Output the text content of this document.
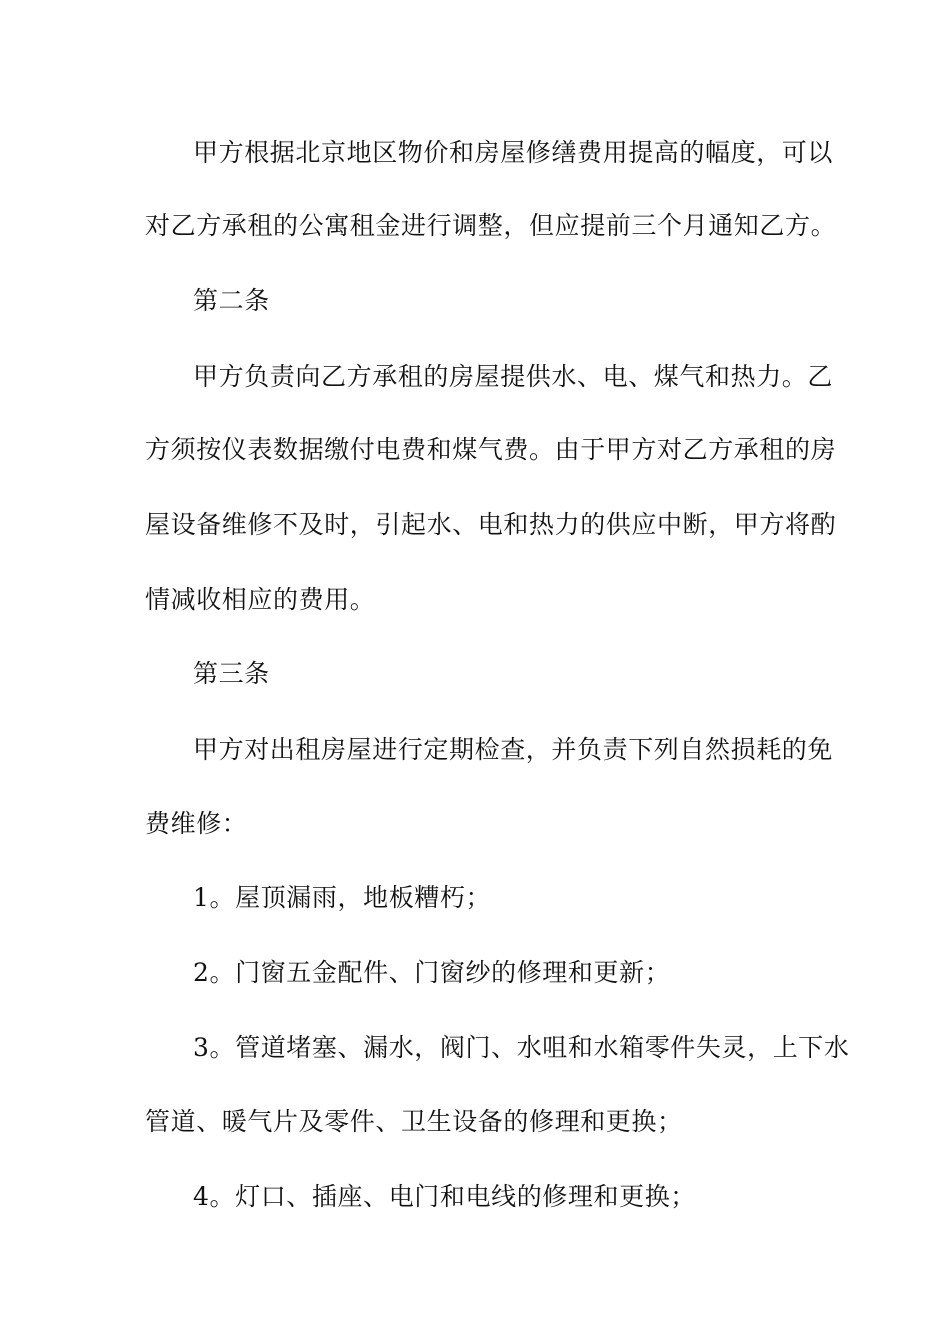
甲方根据北京地区物价和房屋修缮费用提高的幅度，可以
对乙方承租的公寓租金进行调整，但应提前三个月通知乙方。
第二条
甲方负责向乙方承租的房屋提供水、电、煤气和热力。乙
方须按仪表数据缴付电费和煤气费。由于甲方对乙方承租的房
屋设备维修不及时，引起水、电和热力的供应中断，甲方将酌
情减收相应的费用。
第三条
甲方对出租房屋进行定期检查，并负责下列自然损耗的免
费维修：
1。屋顶漏雨，地板糟朽；
2。门窗五金配件、门窗纱的修理和更新；
3。管道堵塞、漏水，阀门、水咀和水箱零件失灵，上下水
管道、暖气片及零件、卫生设备的修理和更换；
4。灯口、插座、电门和电线的修理和更换；
